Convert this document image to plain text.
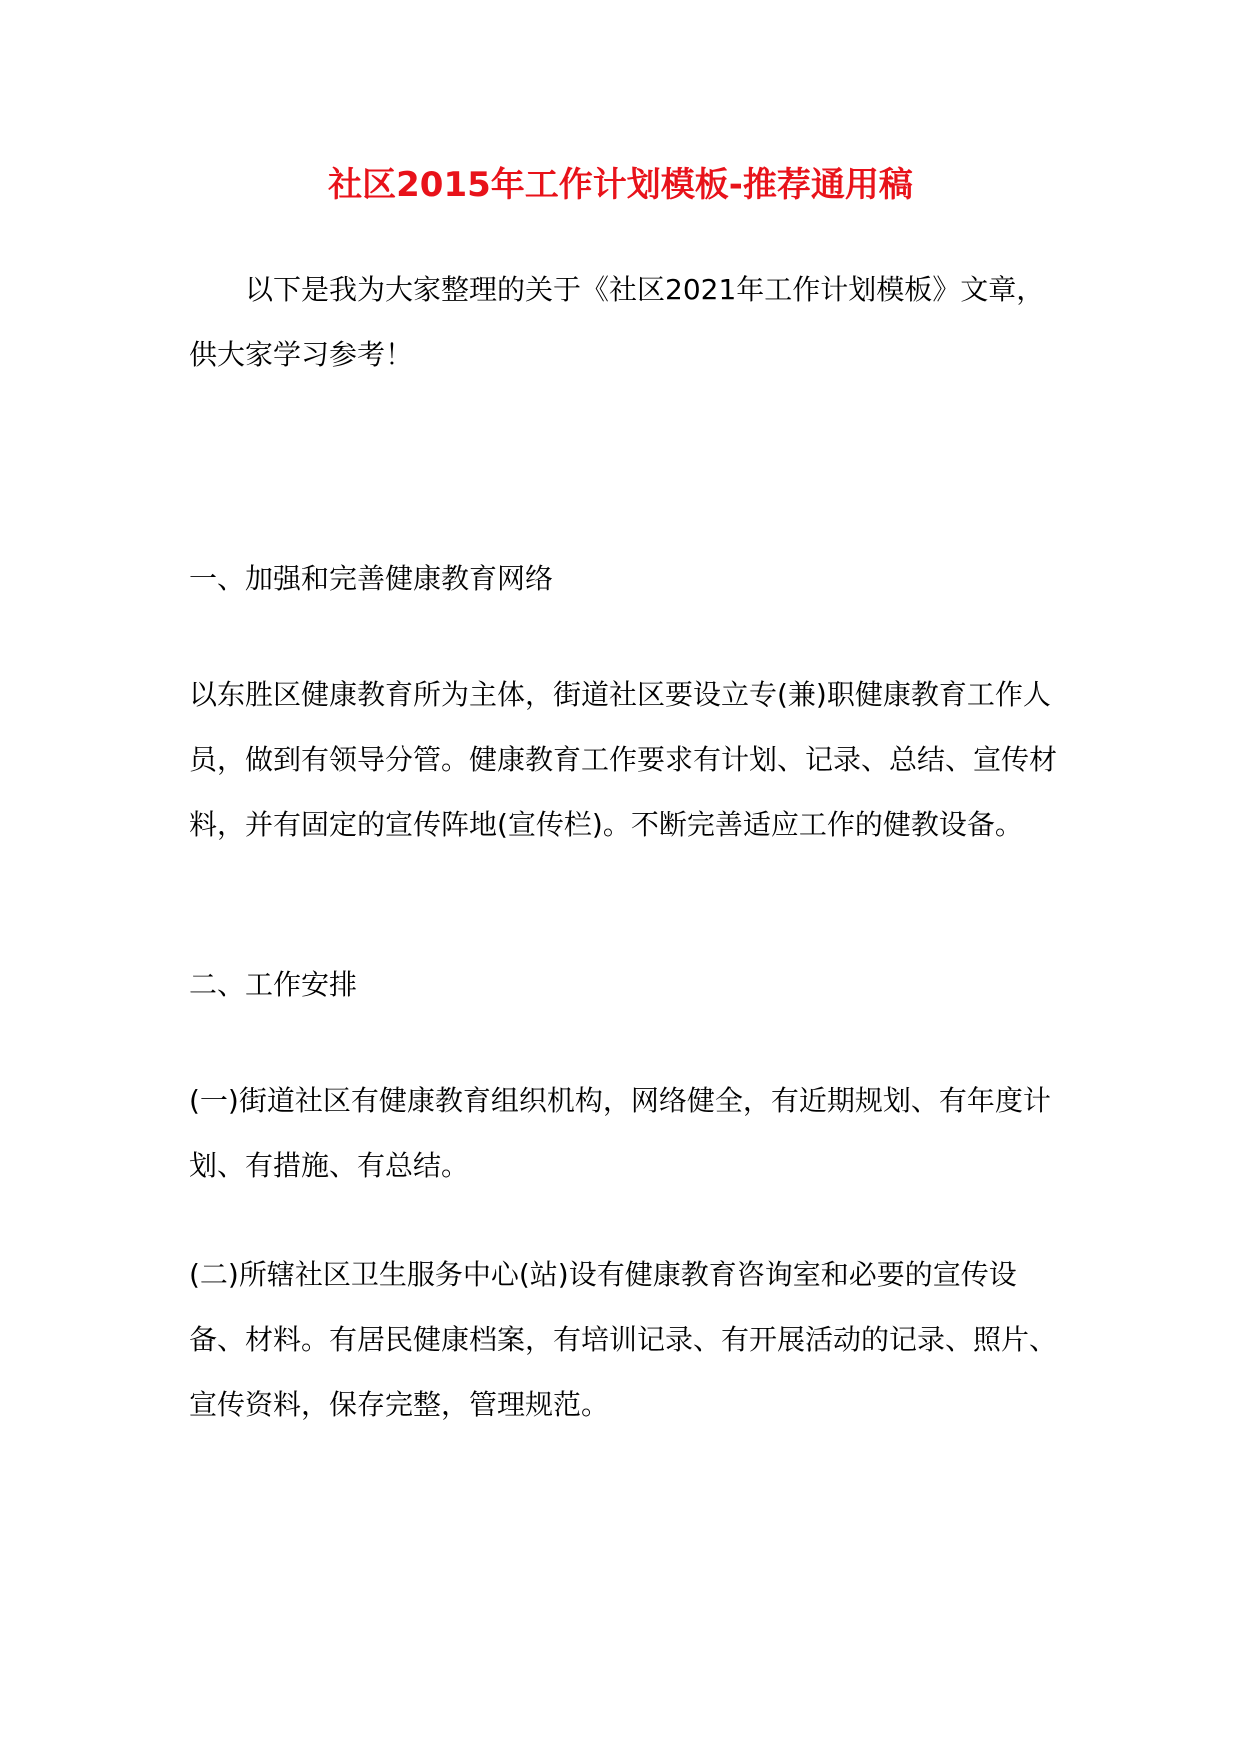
社区2015年工作计划模板-推荐通用稿

以下是我为大家整理的关于《社区2021年工作计划模板》文章，供大家学习参考！

一、加强和完善健康教育网络

以东胜区健康教育所为主体，街道社区要设立专(兼)职健康教育工作人员，做到有领导分管。健康教育工作要求有计划、记录、总结、宣传材料，并有固定的宣传阵地(宣传栏)。不断完善适应工作的健教设备。

二、工作安排

(一)街道社区有健康教育组织机构，网络健全，有近期规划、有年度计划、有措施、有总结。

(二)所辖社区卫生服务中心(站)设有健康教育咨询室和必要的宣传设备、材料。有居民健康档案，有培训记录、有开展活动的记录、照片、宣传资料，保存完整，管理规范。
